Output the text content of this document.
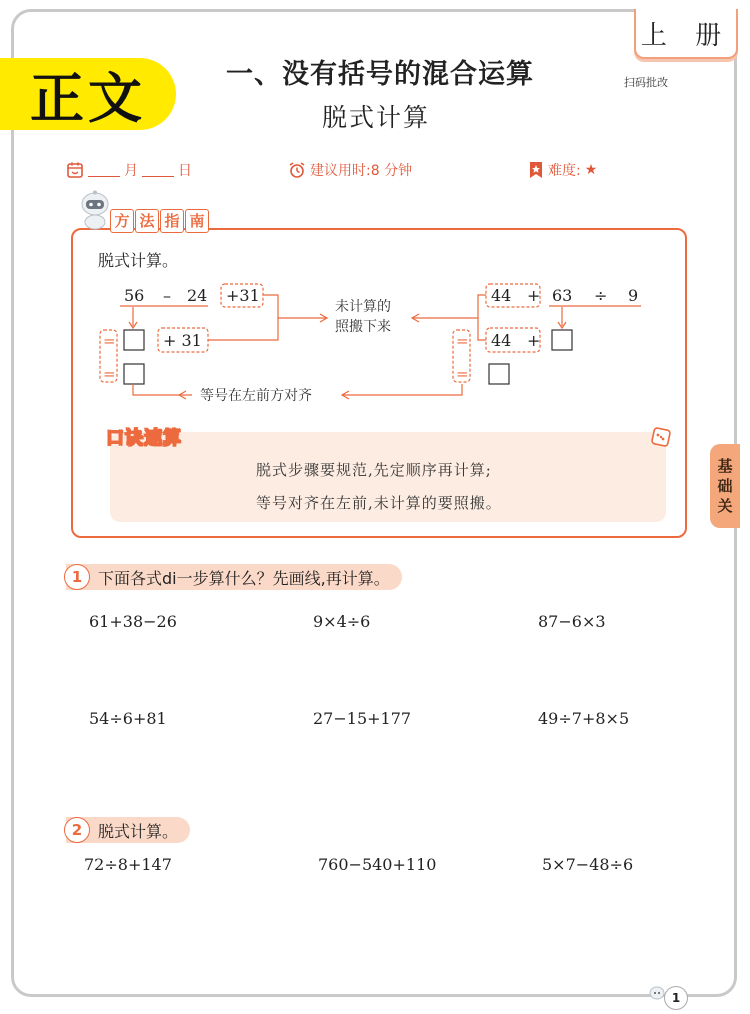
正文
上 册
扫码批改
一、没有括号的混合运算
脱式计算
月	日	建议用时:8 分钟	难度: ★
基
础
关
方 法 指 南
脱式计算。
56 – 24 +31
=
=
+ 31
未计算的
照搬下来
44 + 63 ÷ 9
=
=
44 +
等号在左前方对齐
口诀速算
脱式步骤要规范,先定顺序再计算;
等号对齐在左前,未计算的要照搬。
1 下面各式di一步算什么？先画线,再计算。
61+38−26	9×4÷6	87−6×3
54÷6+81	27−15+177	49÷7+8×5
2 脱式计算。
72÷8+147	760−540+110	5×7−48÷6
1
